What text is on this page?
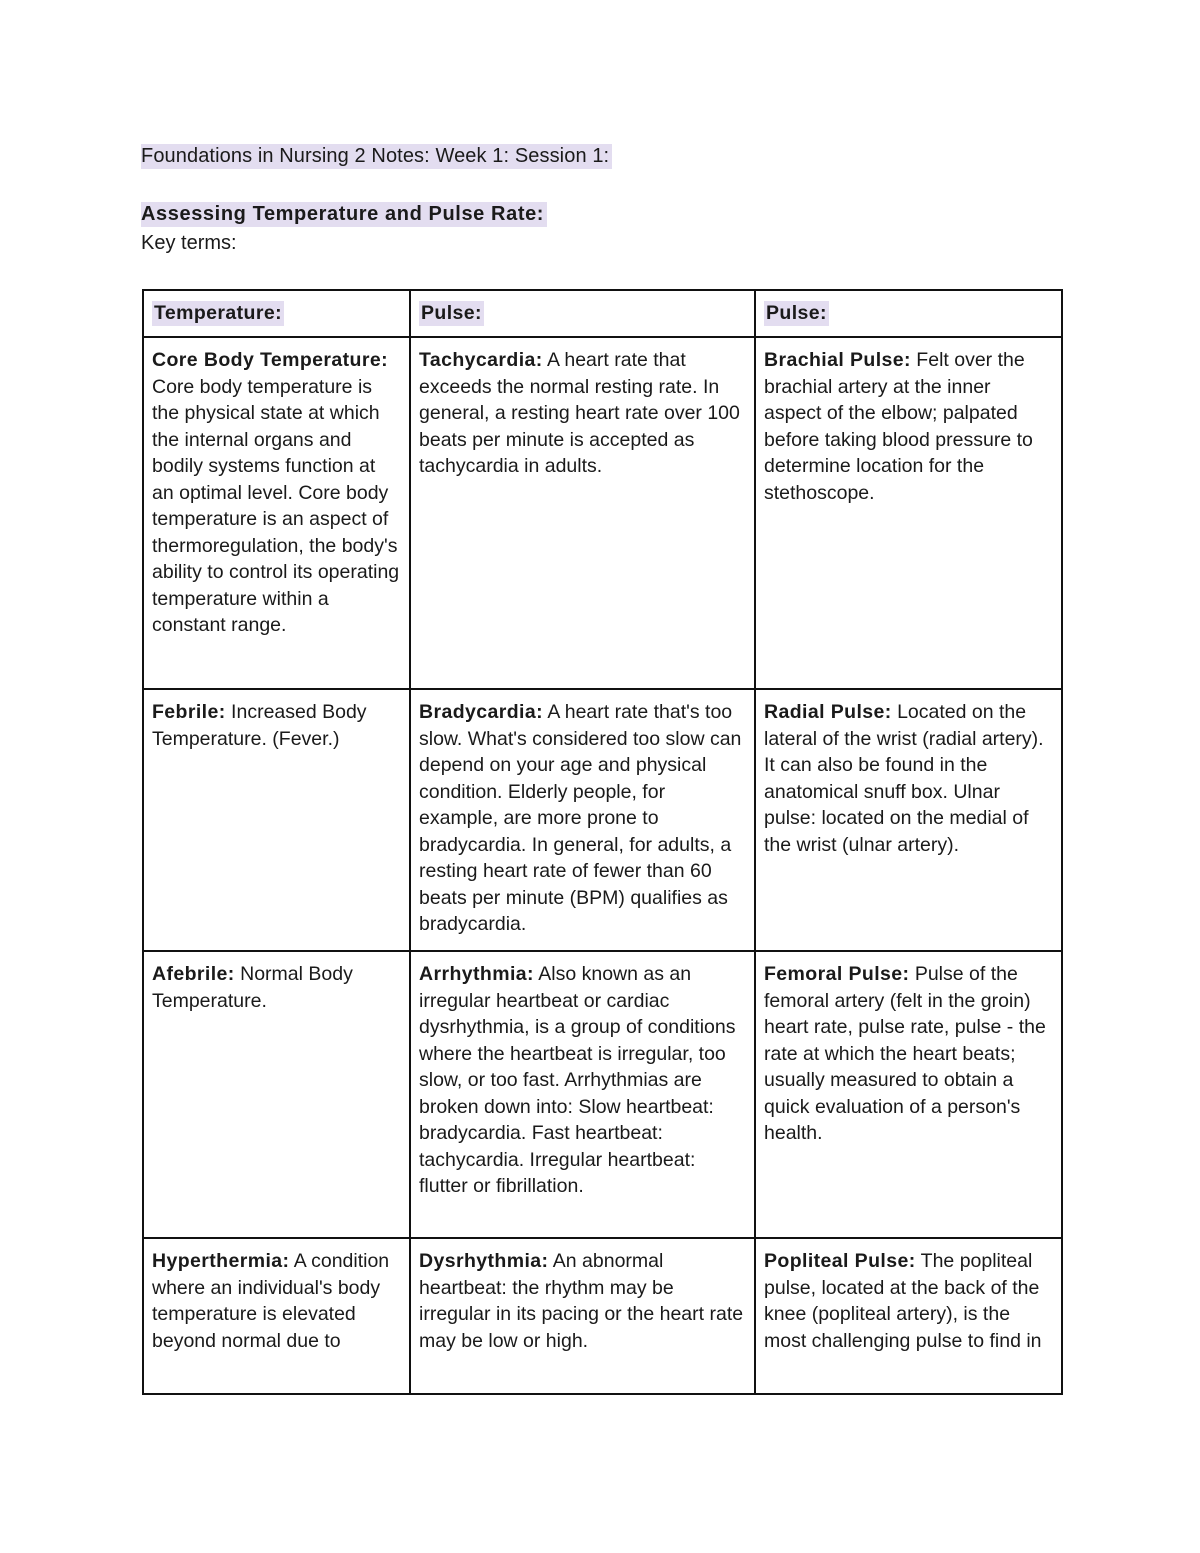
Foundations in Nursing 2 Notes: Week 1: Session 1:
Assessing Temperature and Pulse Rate:
Key terms:
Temperature:	Pulse:	Pulse:
Core Body Temperature: Core body temperature is the physical state at which the internal organs and bodily systems function at an optimal level. Core body temperature is an aspect of thermoregulation, the body's ability to control its operating temperature within a constant range.	Tachycardia: A heart rate that exceeds the normal resting rate. In general, a resting heart rate over 100 beats per minute is accepted as tachycardia in adults.	Brachial Pulse: Felt over the brachial artery at the inner aspect of the elbow; palpated before taking blood pressure to determine location for the stethoscope.
Febrile: Increased Body Temperature. (Fever.)	Bradycardia: A heart rate that's too slow. What's considered too slow can depend on your age and physical condition. Elderly people, for example, are more prone to bradycardia. In general, for adults, a resting heart rate of fewer than 60 beats per minute (BPM) qualifies as bradycardia.	Radial Pulse: Located on the lateral of the wrist (radial artery). It can also be found in the anatomical snuff box. Ulnar pulse: located on the medial of the wrist (ulnar artery).
Afebrile: Normal Body Temperature.	Arrhythmia: Also known as an irregular heartbeat or cardiac dysrhythmia, is a group of conditions where the heartbeat is irregular, too slow, or too fast. Arrhythmias are broken down into: Slow heartbeat: bradycardia. Fast heartbeat: tachycardia. Irregular heartbeat: flutter or fibrillation.	Femoral Pulse: Pulse of the femoral artery (felt in the groin) heart rate, pulse rate, pulse - the rate at which the heart beats; usually measured to obtain a quick evaluation of a person's health.
Hyperthermia: A condition where an individual's body temperature is elevated beyond normal due to	Dysrhythmia: An abnormal heartbeat: the rhythm may be irregular in its pacing or the heart rate may be low or high.	Popliteal Pulse: The popliteal pulse, located at the back of the knee (popliteal artery), is the most challenging pulse to find in
